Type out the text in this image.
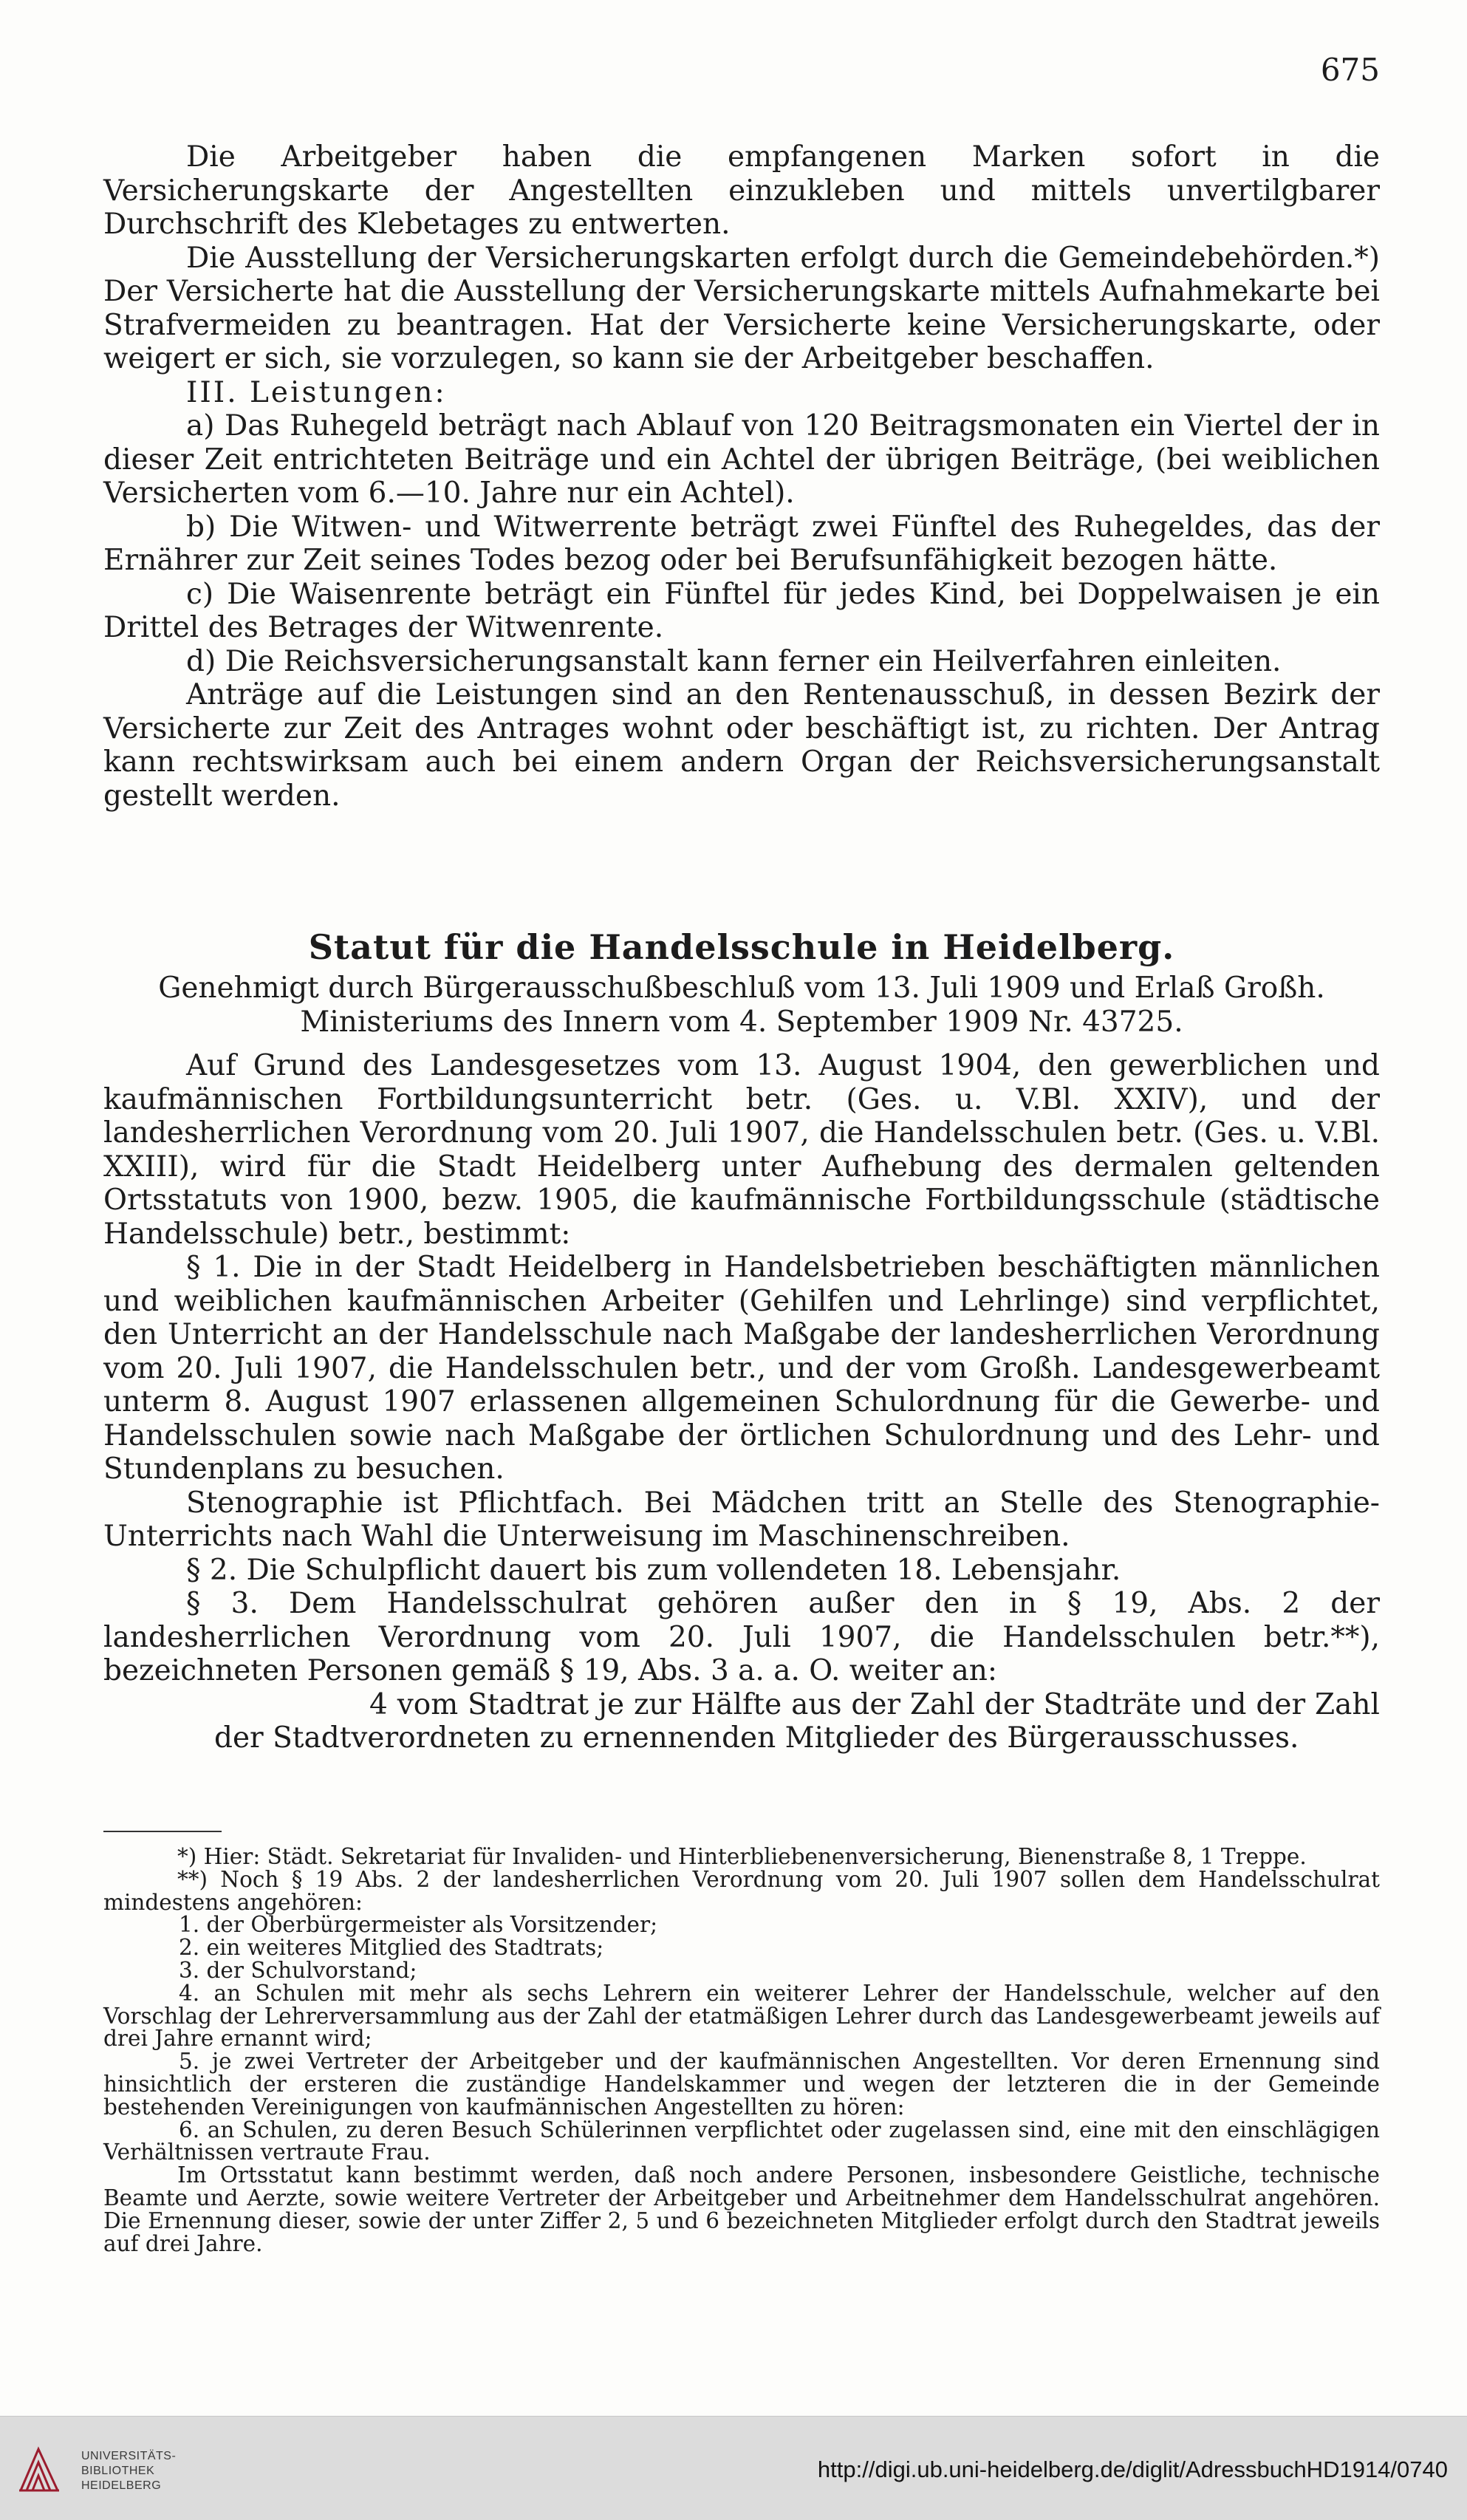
675

Die Arbeitgeber haben die empfangenen Marken sofort in die Versicherungskarte der Angestellten einzukleben und mittels unvertilgbarer Durchschrift des Klebetages zu entwerten.

Die Ausstellung der Versicherungskarten erfolgt durch die Gemeindebehörden.*) Der Versicherte hat die Ausstellung der Versicherungskarte mittels Aufnahmekarte bei Strafvermeiden zu beantragen. Hat der Versicherte keine Versicherungskarte, oder weigert er sich, sie vorzulegen, so kann sie der Arbeitgeber beschaffen.

III. Leistungen:

a) Das Ruhegeld beträgt nach Ablauf von 120 Beitragsmonaten ein Viertel der in dieser Zeit entrichteten Beiträge und ein Achtel der übrigen Beiträge, (bei weiblichen Versicherten vom 6.—10. Jahre nur ein Achtel).

b) Die Witwen- und Witwerrente beträgt zwei Fünftel des Ruhegeldes, das der Ernährer zur Zeit seines Todes bezog oder bei Berufsunfähigkeit bezogen hätte.

c) Die Waisenrente beträgt ein Fünftel für jedes Kind, bei Doppelwaisen je ein Drittel des Betrages der Witwenrente.

d) Die Reichsversicherungsanstalt kann ferner ein Heilverfahren einleiten.

Anträge auf die Leistungen sind an den Rentenausschuß, in dessen Bezirk der Versicherte zur Zeit des Antrages wohnt oder beschäftigt ist, zu richten. Der Antrag kann rechtswirksam auch bei einem andern Organ der Reichsversicherungsanstalt gestellt werden.

Statut für die Handelsschule in Heidelberg.

Genehmigt durch Bürgerausschußbeschluß vom 13. Juli 1909 und Erlaß Großh.

Ministeriums des Innern vom 4. September 1909 Nr. 43725.

Auf Grund des Landesgesetzes vom 13. August 1904, den gewerblichen und kaufmännischen Fortbildungsunterricht betr. (Ges. u. V.Bl. XXIV), und der landesherrlichen Verordnung vom 20. Juli 1907, die Handelsschulen betr. (Ges. u. V.Bl. XXIII), wird für die Stadt Heidelberg unter Aufhebung des dermalen geltenden Ortsstatuts von 1900, bezw. 1905, die kaufmännische Fortbildungsschule (städtische Handelsschule) betr., bestimmt:

§ 1. Die in der Stadt Heidelberg in Handelsbetrieben beschäftigten männlichen und weiblichen kaufmännischen Arbeiter (Gehilfen und Lehrlinge) sind verpflichtet, den Unterricht an der Handelsschule nach Maßgabe der landesherrlichen Verordnung vom 20. Juli 1907, die Handelsschulen betr., und der vom Großh. Landesgewerbeamt unterm 8. August 1907 erlassenen allgemeinen Schulordnung für die Gewerbe- und Handelsschulen sowie nach Maßgabe der örtlichen Schulordnung und des Lehr- und Stundenplans zu besuchen.

Stenographie ist Pflichtfach. Bei Mädchen tritt an Stelle des Stenographie-Unterrichts nach Wahl die Unterweisung im Maschinenschreiben.

§ 2. Die Schulpflicht dauert bis zum vollendeten 18. Lebensjahr.

§ 3. Dem Handelsschulrat gehören außer den in § 19, Abs. 2 der landesherrlichen Verordnung vom 20. Juli 1907, die Handelsschulen betr.**), bezeichneten Personen gemäß § 19, Abs. 3 a. a. O. weiter an:

4 vom Stadtrat je zur Hälfte aus der Zahl der Stadträte und der Zahl der Stadtverordneten zu ernennenden Mitglieder des Bürgerausschusses.

*) Hier: Städt. Sekretariat für Invaliden- und Hinterbliebenenversicherung, Bienenstraße 8, 1 Treppe.

**) Noch § 19 Abs. 2 der landesherrlichen Verordnung vom 20. Juli 1907 sollen dem Handelsschulrat mindestens angehören:

1. der Oberbürgermeister als Vorsitzender;
2. ein weiteres Mitglied des Stadtrats;
3. der Schulvorstand;
4. an Schulen mit mehr als sechs Lehrern ein weiterer Lehrer der Handelsschule, welcher auf den Vorschlag der Lehrerversammlung aus der Zahl der etatmäßigen Lehrer durch das Landesgewerbeamt jeweils auf drei Jahre ernannt wird;
5. je zwei Vertreter der Arbeitgeber und der kaufmännischen Angestellten. Vor deren Ernennung sind hinsichtlich der ersteren die zuständige Handelskammer und wegen der letzteren die in der Gemeinde bestehenden Vereinigungen von kaufmännischen Angestellten zu hören:
6. an Schulen, zu deren Besuch Schülerinnen verpflichtet oder zugelassen sind, eine mit den einschlägigen Verhältnissen vertraute Frau.

Im Ortsstatut kann bestimmt werden, daß noch andere Personen, insbesondere Geistliche, technische Beamte und Aerzte, sowie weitere Vertreter der Arbeitgeber und Arbeitnehmer dem Handelsschulrat angehören. Die Ernennung dieser, sowie der unter Ziffer 2, 5 und 6 bezeichneten Mitglieder erfolgt durch den Stadtrat jeweils auf drei Jahre.

UNIVERSITÄTS-
BIBLIOTHEK
HEIDELBERG
http://digi.ub.uni-heidelberg.de/diglit/AdressbuchHD1914/0740
